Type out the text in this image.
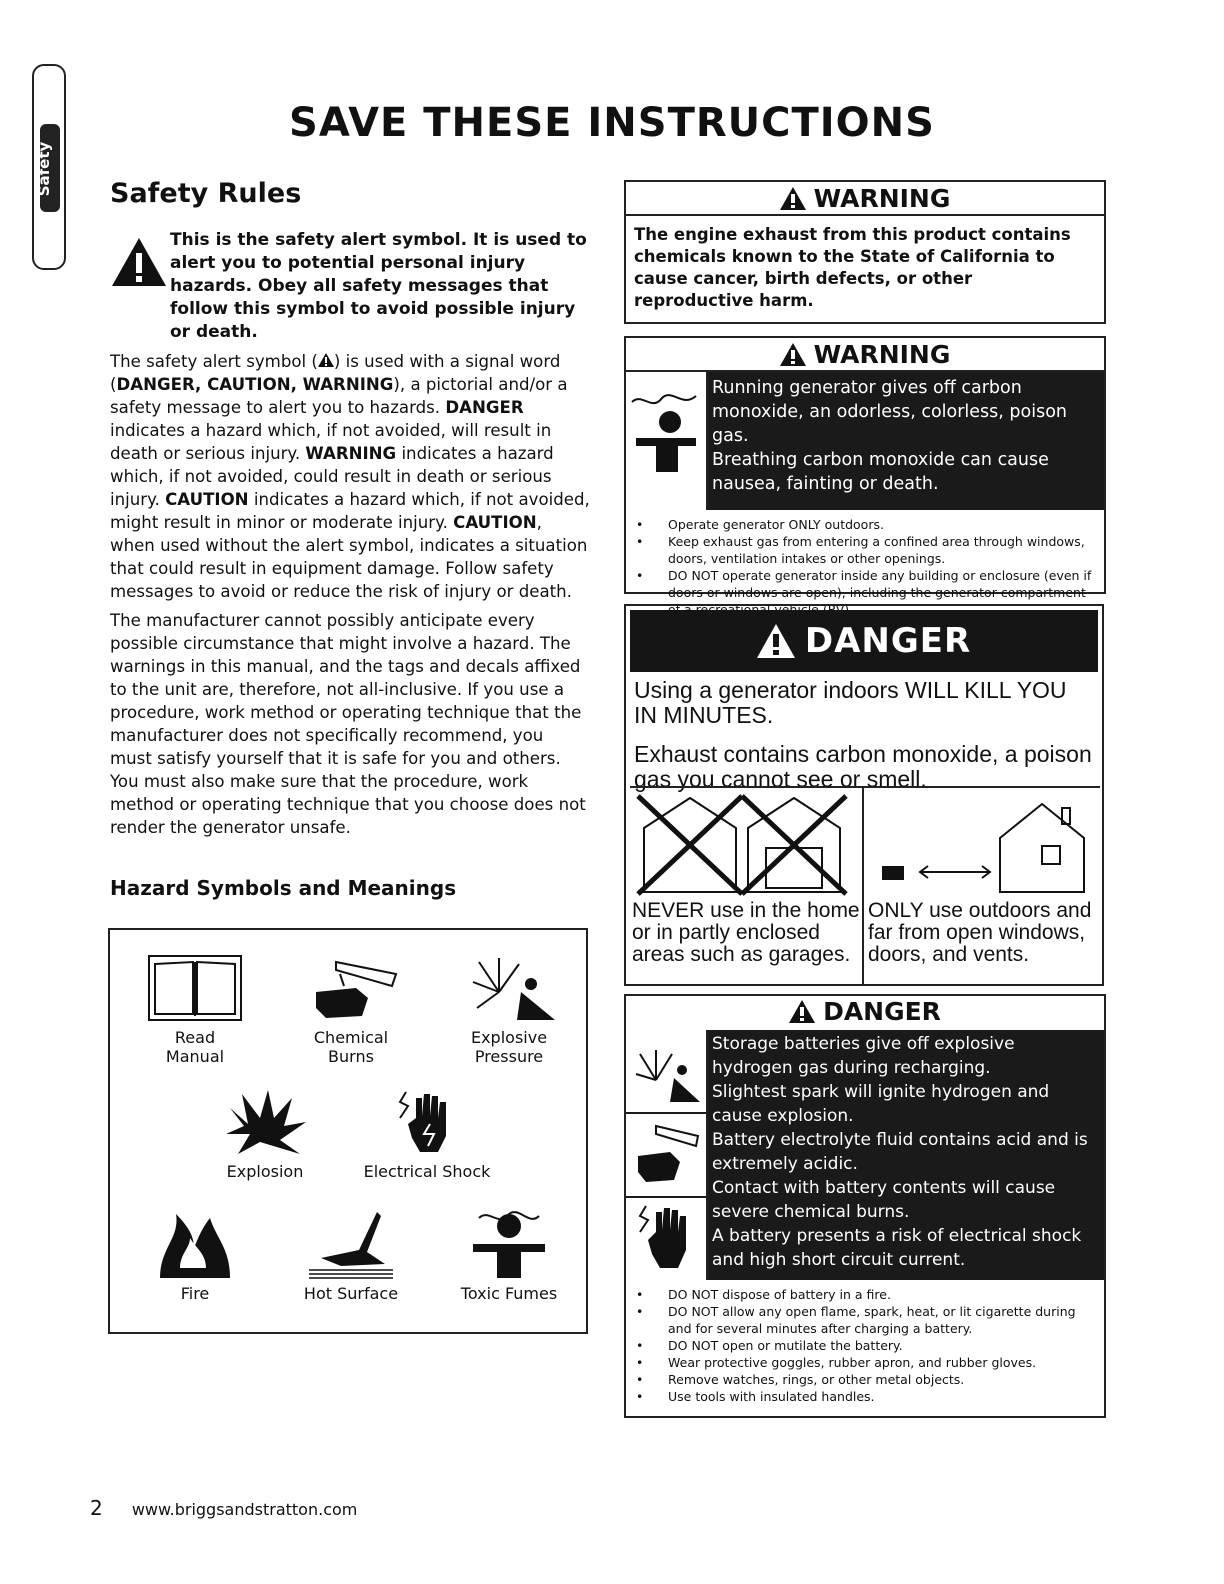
Safety
SAVE THESE INSTRUCTIONS
Safety Rules
This is the safety alert symbol. It is used to alert you to potential personal injury hazards. Obey all safety messages that follow this symbol to avoid possible injury or death.

The safety alert symbol ( ) is used with a signal word (DANGER, CAUTION, WARNING), a pictorial and/or a safety message to alert you to hazards. DANGER indicates a hazard which, if not avoided, will result in death or serious injury. WARNING indicates a hazard which, if not avoided, could result in death or serious injury. CAUTION indicates a hazard which, if not avoided, might result in minor or moderate injury. CAUTION, when used without the alert symbol, indicates a situation that could result in equipment damage. Follow safety messages to avoid or reduce the risk of injury or death.

The manufacturer cannot possibly anticipate every possible circumstance that might involve a hazard. The warnings in this manual, and the tags and decals affixed to the unit are, therefore, not all-inclusive. If you use a procedure, work method or operating technique that the manufacturer does not specifically recommend, you must satisfy yourself that it is safe for you and others. You must also make sure that the procedure, work method or operating technique that you choose does not render the generator unsafe.

Hazard Symbols and Meanings
Read
Manual
Chemical
Burns
Explosive
Pressure
Explosion	Electrical Shock
Fire	Hot Surface	Toxic Fumes
WARNING
The engine exhaust from this product contains chemicals known to the State of California to cause cancer, birth defects, or other reproductive harm.
WARNING
Running generator gives off carbon monoxide, an odorless, colorless, poison gas.
Breathing carbon monoxide can cause nausea, fainting or death.
• Operate generator ONLY outdoors.
• Keep exhaust gas from entering a confined area through windows, doors, ventilation intakes or other openings.
• DO NOT operate generator inside any building or enclosure (even if doors or windows are open), including the generator compartment
DANGER
Using a generator indoors WILL KILL YOU IN MINUTES.
Exhaust contains carbon monoxide, a poison gas you cannot see or smell.
NEVER use in the home or in partly enclosed areas such as garages.
ONLY use outdoors and far from open windows, doors, and vents.
DANGER
Storage batteries give off explosive hydrogen gas during recharging.
Slightest spark will ignite hydrogen and cause explosion.
Battery electrolyte fluid contains acid and is extremely acidic.
Contact with battery contents will cause severe chemical burns.
A battery presents a risk of electrical shock and high short circuit current.
• DO NOT dispose of battery in a fire.
• DO NOT allow any open flame, spark, heat, or lit cigarette during and for several minutes after charging a battery.
• DO NOT open or mutilate the battery.
• Wear protective goggles, rubber apron, and rubber gloves.
• Remove watches, rings, or other metal objects.
• Use tools with insulated handles.
2 www.briggsandstratton.com
